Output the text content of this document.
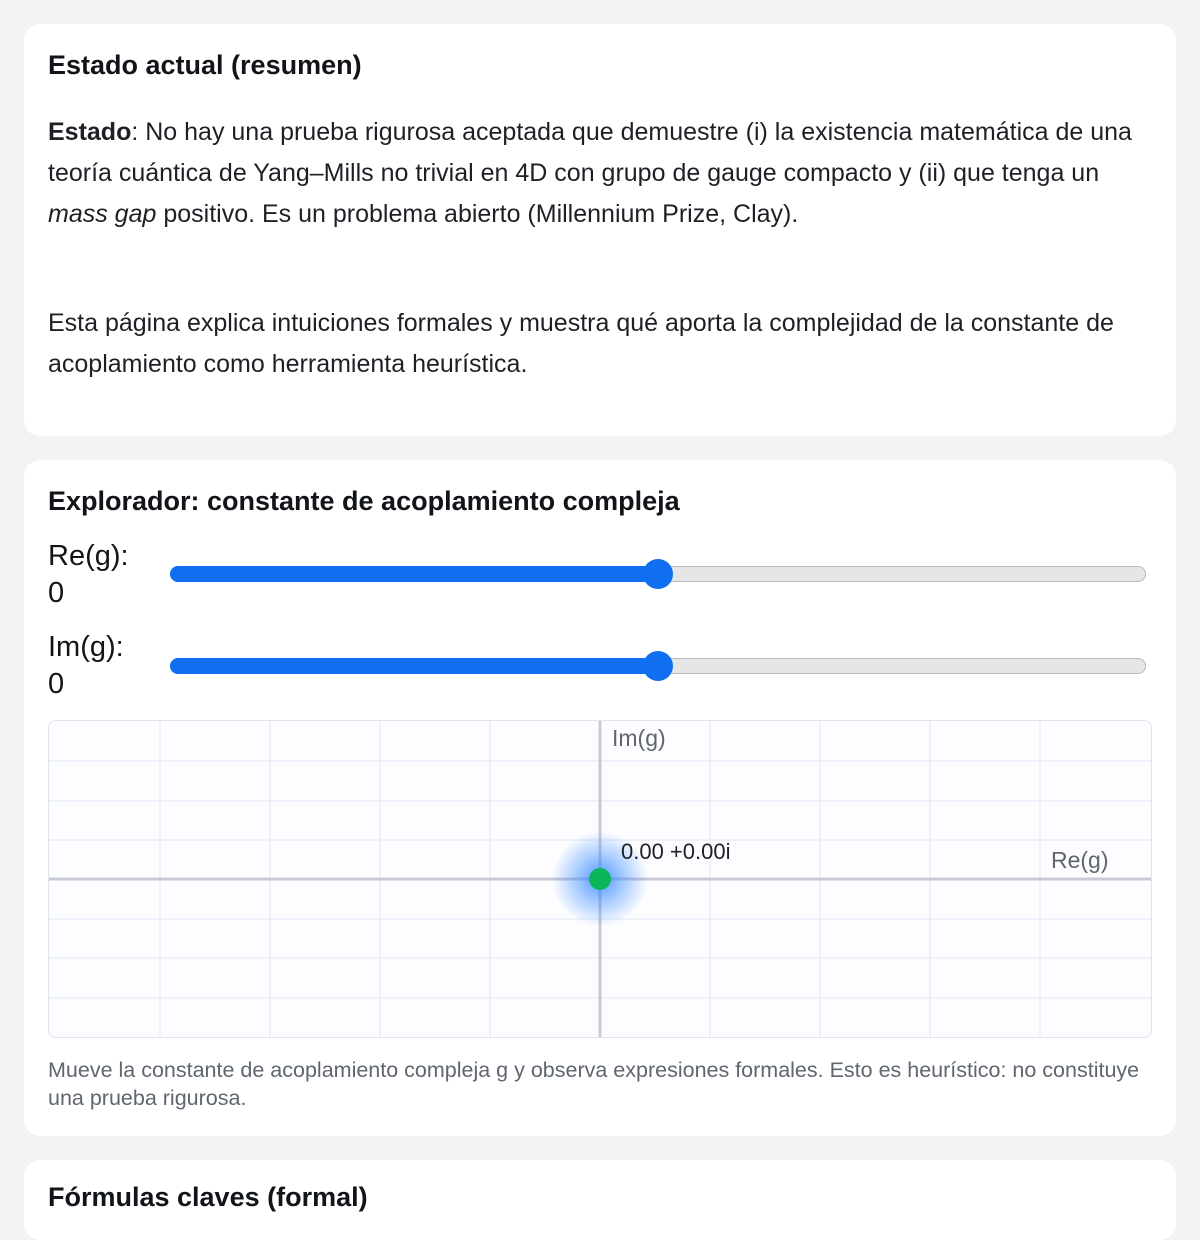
Estado actual (resumen)

Estado: No hay una prueba rigurosa aceptada que demuestre (i) la existencia matemática de una teoría cuántica de Yang–Mills no trivial en 4D con grupo de gauge compacto y (ii) que tenga un mass gap positivo. Es un problema abierto (Millennium Prize, Clay).

Esta página explica intuiciones formales y muestra qué aporta la complejidad de la constante de acoplamiento como herramienta heurística.

Explorador: constante de acoplamiento compleja
Re(g):
0
Im(g):
0
Im(g)
Re(g)
0.00 +0.00i

Mueve la constante de acoplamiento compleja g y observa expresiones formales. Esto es heurístico: no constituye una prueba rigurosa.

Fórmulas claves (formal)
